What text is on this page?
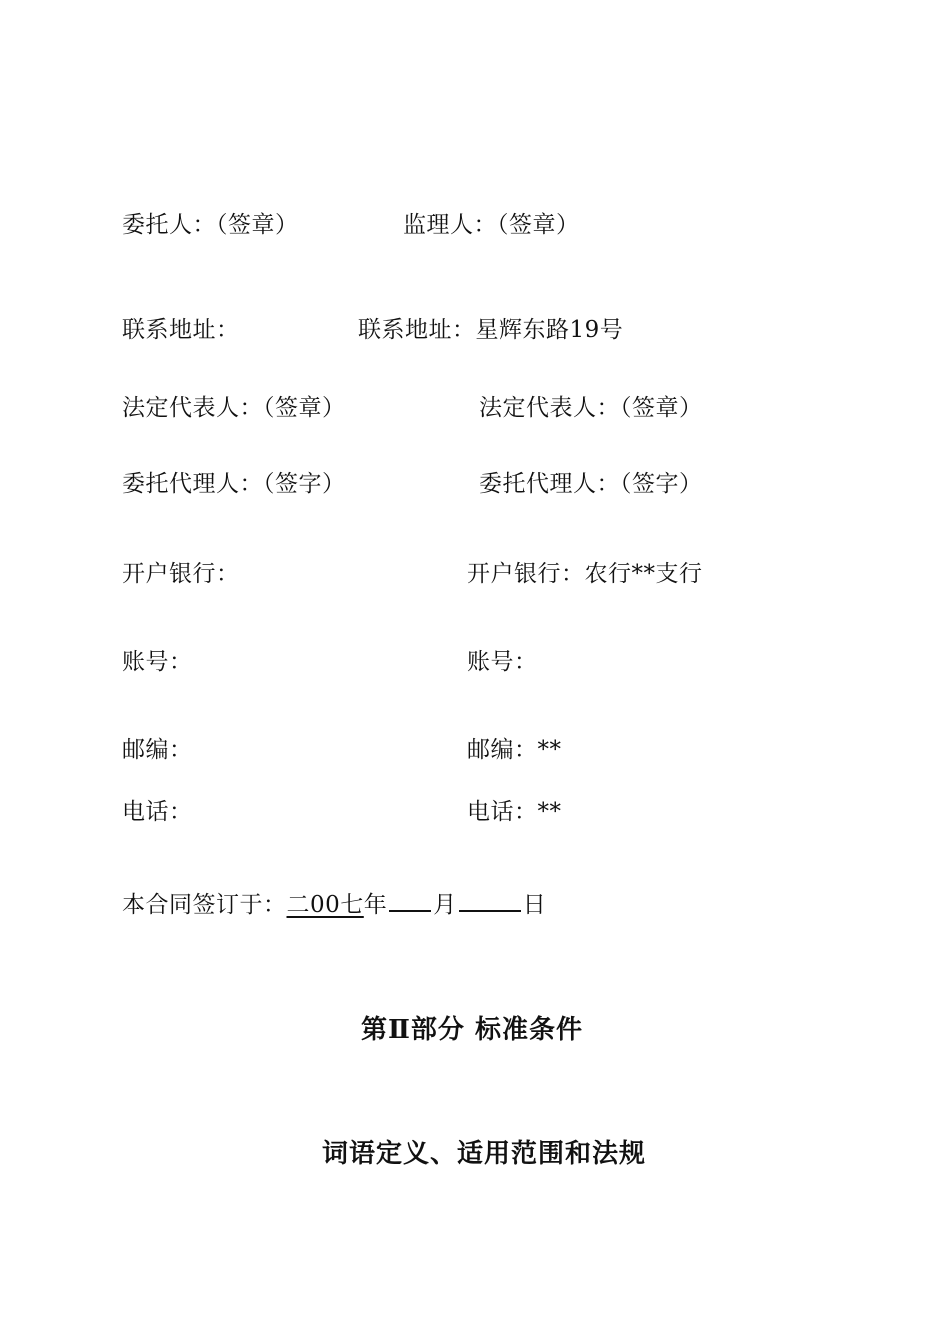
委托人：（签章）	监理人：（签章）
联系地址：	联系地址：星辉东路19号
法定代表人：（签章）	法定代表人：（签章）
委托代理人：（签字）	委托代理人：（签字）
开户银行：	开户银行：农行**支行
账号：	账号：
邮编：	邮编：**
电话：	电话：**
本合同签订于：二00七年 月	日
第Ⅱ部分 标准条件
词语定义、适用范围和法规
